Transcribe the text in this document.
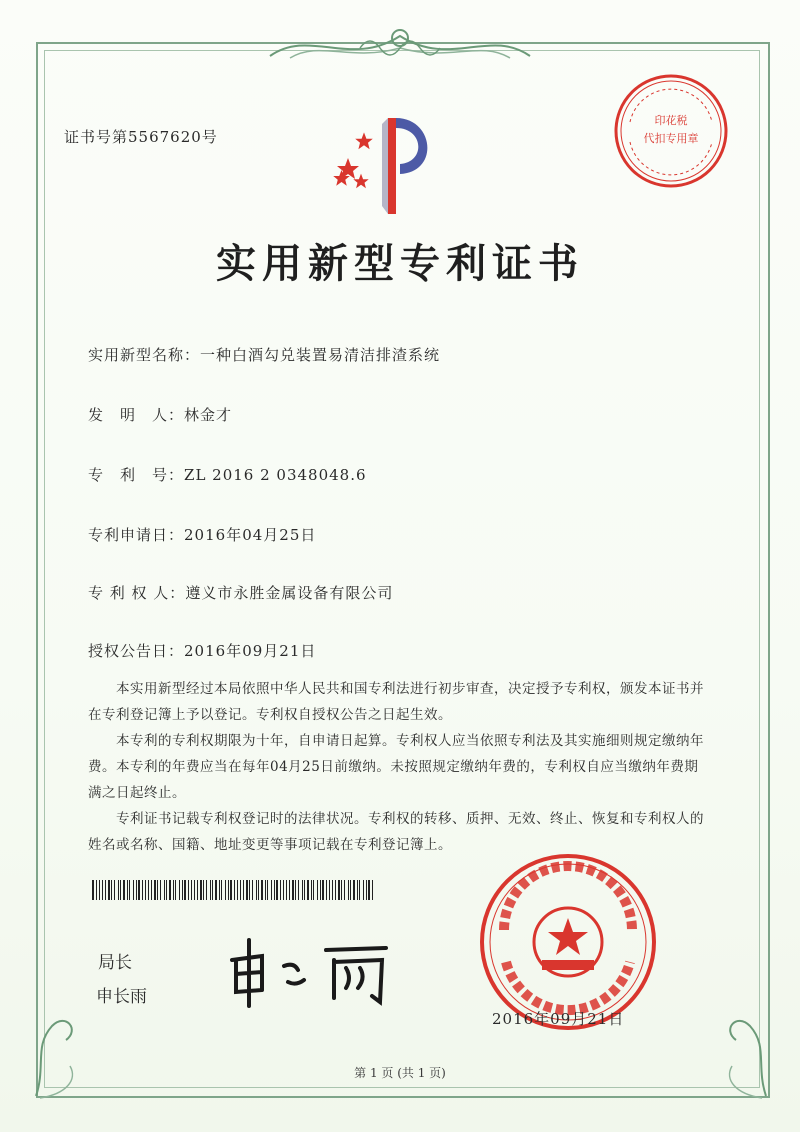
证书号第5567620号
印花税
代扣专用章
实用新型专利证书
实用新型名称：一种白酒勾兑装置易清洁排渣系统
发　明　人：林金才
专　利　号：ZL 2016 2 0348048.6
专利申请日：2016年04月25日
专 利 权 人：遵义市永胜金属设备有限公司
授权公告日：2016年09月21日

本实用新型经过本局依照中华人民共和国专利法进行初步审查，决定授予专利权，颁发本证书并在专利登记簿上予以登记。专利权自授权公告之日起生效。

本专利的专利权期限为十年，自申请日起算。专利权人应当依照专利法及其实施细则规定缴纳年费。本专利的年费应当在每年04月25日前缴纳。未按照规定缴纳年费的，专利权自应当缴纳年费期满之日起终止。

专利证书记载专利权登记时的法律状况。专利权的转移、质押、无效、终止、恢复和专利权人的姓名或名称、国籍、地址变更等事项记载在专利登记簿上。

局长
申长雨
2016年09月21日
第 1 页 (共 1 页)
